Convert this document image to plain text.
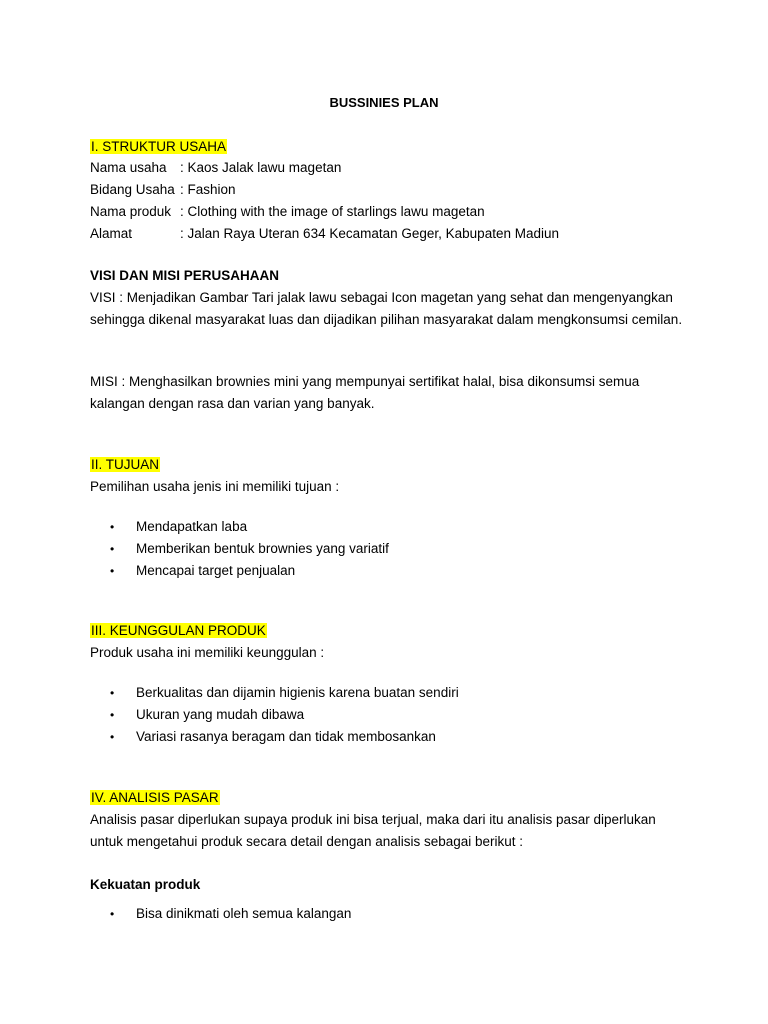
BUSSINIES PLAN
I. STRUKTUR USAHA
Nama usaha : Kaos Jalak lawu magetan
Bidang Usaha : Fashion
Nama produk : Clothing with the image of starlings lawu magetan
Alamat	: Jalan Raya Uteran 634 Kecamatan Geger, Kabupaten Madiun
VISI DAN MISI PERUSAHAAN

VISI : Menjadikan Gambar Tari jalak lawu sebagai Icon magetan yang sehat dan mengenyangkan sehingga dikenal masyarakat luas dan dijadikan pilihan masyarakat dalam mengkonsumsi cemilan.

MISI : Menghasilkan brownies mini yang mempunyai sertifikat halal, bisa dikonsumsi semua kalangan dengan rasa dan varian yang banyak.

II. TUJUAN
Pemilihan usaha jenis ini memiliki tujuan :
• Mendapatkan laba
• Memberikan bentuk brownies yang variatif
• Mencapai target penjualan
III. KEUNGGULAN PRODUK
Produk usaha ini memiliki keunggulan :
• Berkualitas dan dijamin higienis karena buatan sendiri
• Ukuran yang mudah dibawa
• Variasi rasanya beragam dan tidak membosankan
IV. ANALISIS PASAR

Analisis pasar diperlukan supaya produk ini bisa terjual, maka dari itu analisis pasar diperlukan untuk mengetahui produk secara detail dengan analisis sebagai berikut :

Kekuatan produk
• Bisa dinikmati oleh semua kalangan
